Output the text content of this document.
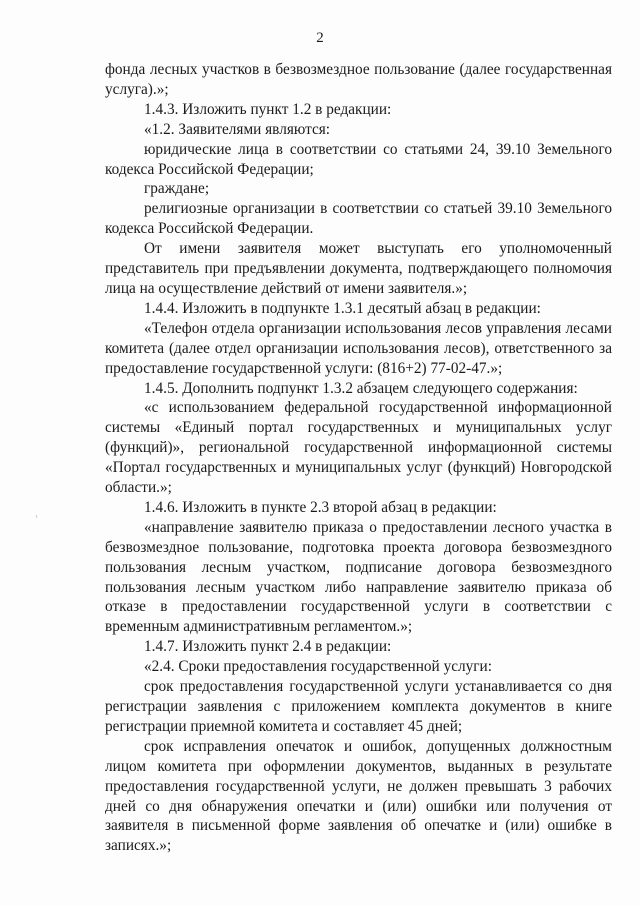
2

фонда лесных участков в безвозмездное пользование (далее государственная услуга).»;

1.4.3. Изложить пункт 1.2 в редакции:

«1.2. Заявителями являются:

юридические лица в соответствии со статьями 24, 39.10 Земельного кодекса Российской Федерации;

граждане;

религиозные организации в соответствии со статьей 39.10 Земельного кодекса Российской Федерации.

От имени заявителя может выступать его уполномоченный представитель при предъявлении документа, подтверждающего полномочия лица на осуществление действий от имени заявителя.»;

1.4.4. Изложить в подпункте 1.3.1 десятый абзац в редакции:

«Телефон отдела организации использования лесов управления лесами комитета (далее отдел организации использования лесов), ответственного за предоставление государственной услуги: (816+2) 77-02-47.»;

1.4.5. Дополнить подпункт 1.3.2 абзацем следующего содержания:

«с использованием федеральной государственной информационной системы «Единый портал государственных и муниципальных услуг (функций)», региональной государственной информационной системы «Портал государственных и муниципальных услуг (функций) Новгородской области.»;

1.4.6. Изложить в пункте 2.3 второй абзац в редакции:

«направление заявителю приказа о предоставлении лесного участка в безвозмездное пользование, подготовка проекта договора безвозмездного пользования лесным участком, подписание договора безвозмездного пользования лесным участком либо направление заявителю приказа об отказе в предоставлении государственной услуги в соответствии с временным административным регламентом.»;

1.4.7. Изложить пункт 2.4 в редакции:

«2.4. Сроки предоставления государственной услуги:

срок предоставления государственной услуги устанавливается со дня регистрации заявления с приложением комплекта документов в книге регистрации приемной комитета и составляет 45 дней;

срок исправления опечаток и ошибок, допущенных должностным лицом комитета при оформлении документов, выданных в результате предоставления государственной услуги, не должен превышать 3 рабочих дней со дня обнаружения опечатки и (или) ошибки или получения от заявителя в письменной форме заявления об опечатке и (или) ошибке в записях.»;
